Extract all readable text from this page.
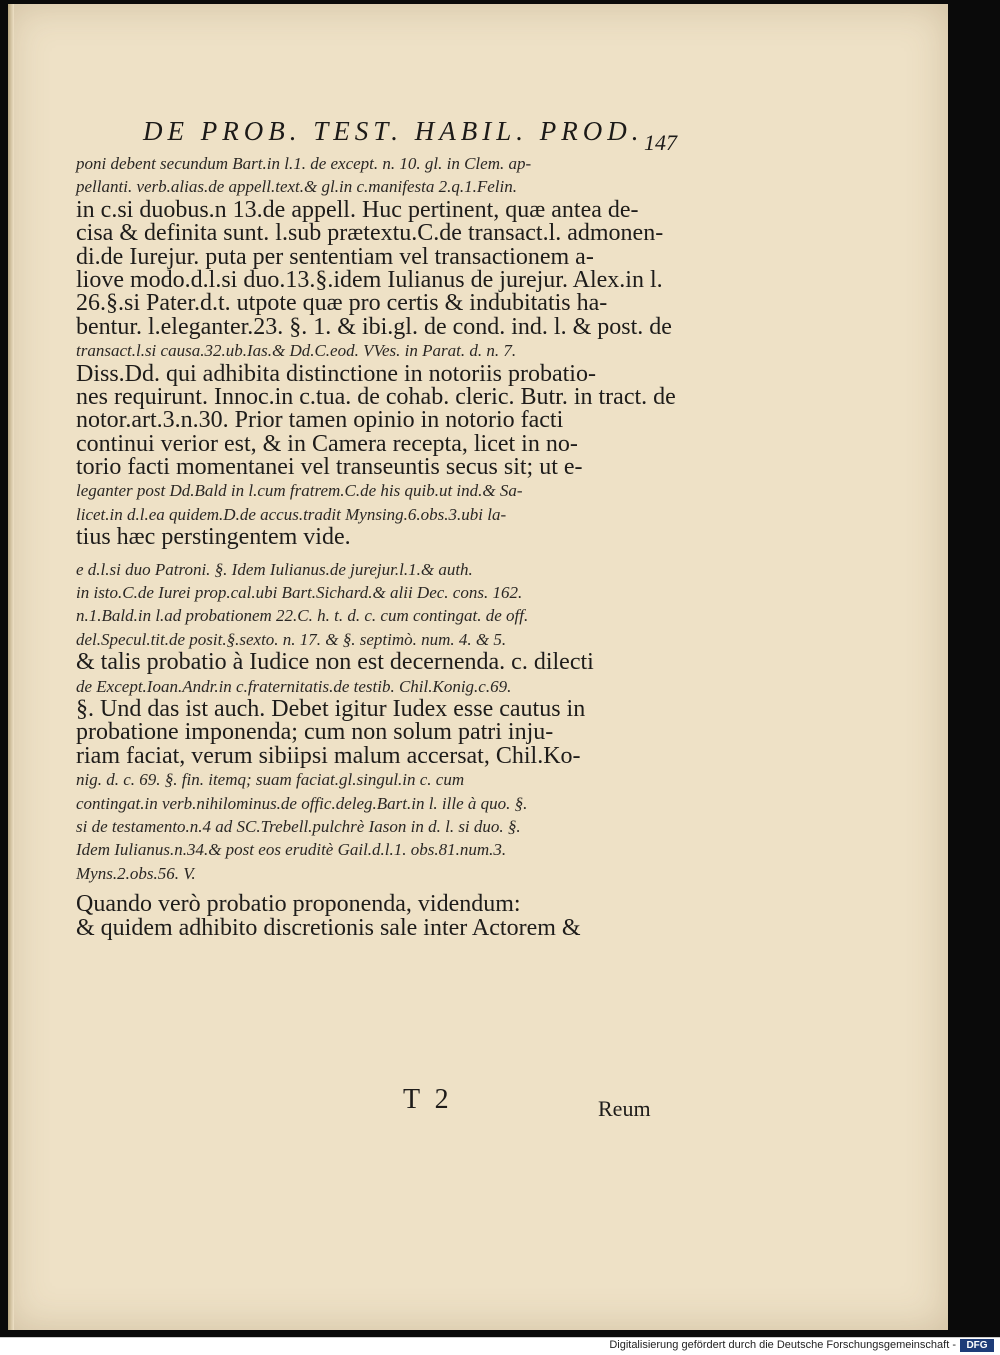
DE PROB. TEST. HABIL. PROD. 147
poni debent secundum Bart.in l.1. de except. n. 10. gl. in Clem. ap-
pellanti. verb.alias.de appell.text.& gl.in c.manifesta 2.q.1.Felin.
in c.si duobus.n 13.de appell. Huc pertinent, quæ antea de-
cisa & definita sunt. l.sub prætextu.C.de transact.l. admonen-
di.de Iurejur. puta per sententiam vel transactionem a-
liove modo.d.l.si duo.13.§.idem Iulianus de jurejur. Alex.in l.
26.§.si Pater.d.t. utpote quæ pro certis & indubitatis ha-
bentur. l.eleganter.23. §. 1. & ibi.gl. de cond. ind. l. & post. de
transact.l.si causa.32.ub.Ias.& Dd.C.eod. VVes. in Parat. d. n. 7.
Diss.Dd. qui adhibita distinctione in notoriis probatio-
nes requirunt. Innoc.in c.tua. de cohab. cleric. Butr. in tract. de
notor.art.3.n.30. Prior tamen opinio in notorio facti
continui verior est, & in Camera recepta, licet in no-
torio facti momentanei vel transeuntis secus sit; ut e-
leganter post Dd.Bald in l.cum fratrem.C.de his quib.ut ind.& Sa-
licet.in d.l.ea quidem.D.de accus.tradit Mynsing.6.obs.3.ubi la-
tius hæc perstingentem vide.
e d.l.si duo Patroni. §. Idem Iulianus.de jurejur.l.1.& auth.
in isto.C.de Iurei prop.cal.ubi Bart.Sichard.& alii Dec. cons. 162.
n.1.Bald.in l.ad probationem 22.C. h. t. d. c. cum contingat. de off.
del.Specul.tit.de posit.§.sexto. n. 17. & §. septimò. num. 4. & 5.
& talis probatio à Iudice non est decernenda. c. dilecti
de Except.Ioan.Andr.in c.fraternitatis.de testib. Chil.Konig.c.69.
§. Und das ist auch. Debet igitur Iudex esse cautus in
probatione imponenda; cum non solum patri inju-
riam faciat, verum sibiipsi malum accersat, Chil.Ko-
nig. d. c. 69. §. fin. itemq; suam faciat.gl.singul.in c. cum
contingat.in verb.nihilominus.de offic.deleg.Bart.in l. ille à quo. §.
si de testamento.n.4 ad SC.Trebell.pulchrè Iason in d. l. si duo. §.
Idem Iulianus.n.34.& post eos eruditè Gail.d.l.1. obs.81.num.3.
Myns.2.obs.56. V.
Quando verò probatio proponenda, videndum:
& quidem adhibito discretionis sale inter Actorem &
T 2	Reum
Digitalisierung gefördert durch die Deutsche Forschungsgemeinschaft -	DFG
